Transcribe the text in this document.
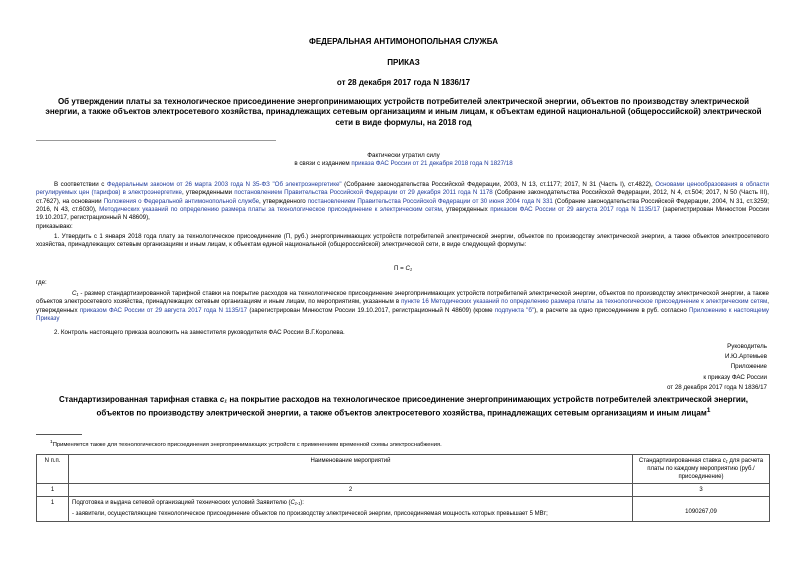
ФЕДЕРАЛЬНАЯ АНТИМОНОПОЛЬНАЯ СЛУЖБА
ПРИКАЗ
от 28 декабря 2017 года N 1836/17
Об утверждении платы за технологическое присоединение энергопринимающих устройств потребителей электрической энергии, объектов по производству электрической энергии, а также объектов электросетевого хозяйства, принадлежащих сетевым организациям и иным лицам, к объектам единой национальной (общероссийской) электрической сети в виде формулы, на 2018 год
Фактически утратил силу
в связи с изданием приказа ФАС России от 21 декабря 2018 года N 1827/18
В соответствии с Федеральным законом от 26 марта 2003 года N 35-ФЗ "Об электроэнергетике" (Собрание законодательства Российской Федерации, 2003, N 13, ст.1177; 2017, N 31 (Часть I), ст.4822), Основами ценообразования в области регулируемых цен (тарифов) в электроэнергетике, утвержденными постановлением Правительства Российской Федерации от 29 декабря 2011 года N 1178 (Собрание законодательства Российской Федерации, 2012, N 4, ст.504; 2017, N 50 (Часть III), ст.7627), на основании Положения о Федеральной антимонопольной службе, утвержденного постановлением Правительства Российской Федерации от 30 июня 2004 года N 331 (Собрание законодательства Российской Федерации, 2004, N 31, ст.3259; 2016, N 43, ст.6030), Методических указаний по определению размера платы за технологическое присоединение к электрическим сетям, утвержденных приказом ФАС России от 29 августа 2017 года N 1135/17 (зарегистрирован Минюстом России 19.10.2017, регистрационный N 48609),
приказываю:
1. Утвердить с 1 января 2018 года плату за технологическое присоединение (П, руб.) энергопринимающих устройств потребителей электрической энергии, объектов по производству электрической энергии, а также объектов электросетевого хозяйства, принадлежащих сетевым организациям и иным лицам, к объектам единой национальной (общероссийской) электрической сети, в виде следующей формулы:
П = С₁
где:
С₁ - размер стандартизированной тарифной ставки на покрытие расходов на технологическое присоединение энергопринимающих устройств потребителей электрической энергии, объектов по производству электрической энергии, а также объектов электросетевого хозяйства, принадлежащих сетевым организациям и иным лицам, по мероприятиям, указанным в пункте 16 Методических указаний по определению размера платы за технологическое присоединение к электрическим сетям, утвержденных приказом ФАС России от 29 августа 2017 года N 1135/17 (зарегистрирован Минюстом России 19.10.2017, регистрационный N 48609) (кроме подпункта "б"), в расчете за одно присоединение в руб. согласно Приложению к настоящему Приказу
2. Контроль настоящего приказа возложить на заместителя руководителя ФАС России В.Г.Королева.
Руководитель
И.Ю.Артемьев
Приложение
к приказу ФАС России
от 28 декабря 2017 года N 1836/17
Стандартизированная тарифная ставка с₁ на покрытие расходов на технологическое присоединение энергопринимающих устройств потребителей электрической энергии, объектов по производству электрической энергии, а также объектов электросетевого хозяйства, принадлежащих сетевым организациям и иным лицам$^1$
$^1$Применяется также для технологического присоединения энергопринимающих устройств с применением временной схемы электроснабжения.
N п.п.	Наименование мероприятий	Стандартизированная ставка с₁ для расчета платы по каждому мероприятию (руб./присоединение)
1	2	3
1	Подготовка и выдача сетевой организацией технических условий Заявителю (С₁.₁):
- заявители, осуществляющие технологическое присоединение объектов по производству электрической энергии, присоединяемая мощность которых превышает 5 МВт;	1090267,09
